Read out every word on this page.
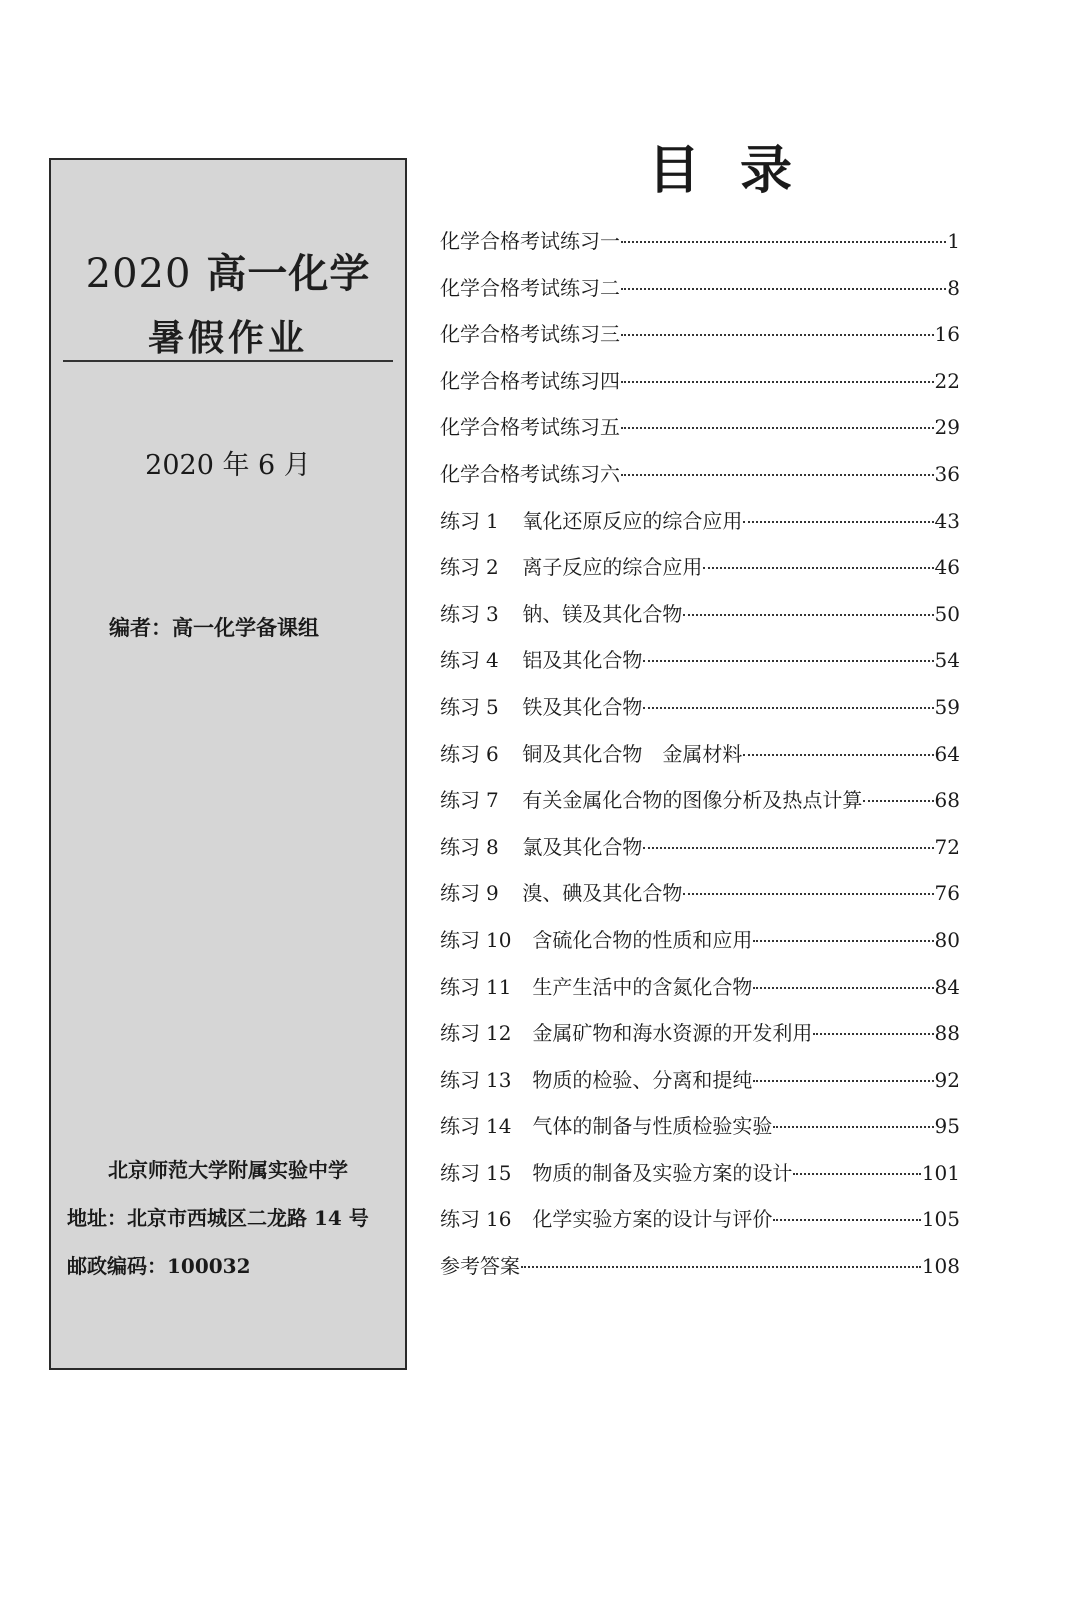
2020 高一化学
暑假作业
2020 年 6 月
编者：高一化学备课组
北京师范大学附属实验中学
地址：北京市西城区二龙路 14 号
邮政编码：100032
目录
化学合格考试练习一	1
化学合格考试练习二	8
化学合格考试练习三	16
化学合格考试练习四	22
化学合格考试练习五	29
化学合格考试练习六	36
练习 1 氧化还原反应的综合应用	43
练习 2 离子反应的综合应用	46
练习 3 钠、镁及其化合物	50
练习 4 铝及其化合物	54
练习 5 铁及其化合物	59
练习 6 铜及其化合物　金属材料	64
练习 7 有关金属化合物的图像分析及热点计算	68
练习 8 氯及其化合物	72
练习 9 溴、碘及其化合物	76
练习 10 含硫化合物的性质和应用	80
练习 11 生产生活中的含氮化合物	84
练习 12 金属矿物和海水资源的开发利用	88
练习 13 物质的检验、分离和提纯	92
练习 14 气体的制备与性质检验实验	95
练习 15 物质的制备及实验方案的设计	101
练习 16 化学实验方案的设计与评价	105
参考答案	108
